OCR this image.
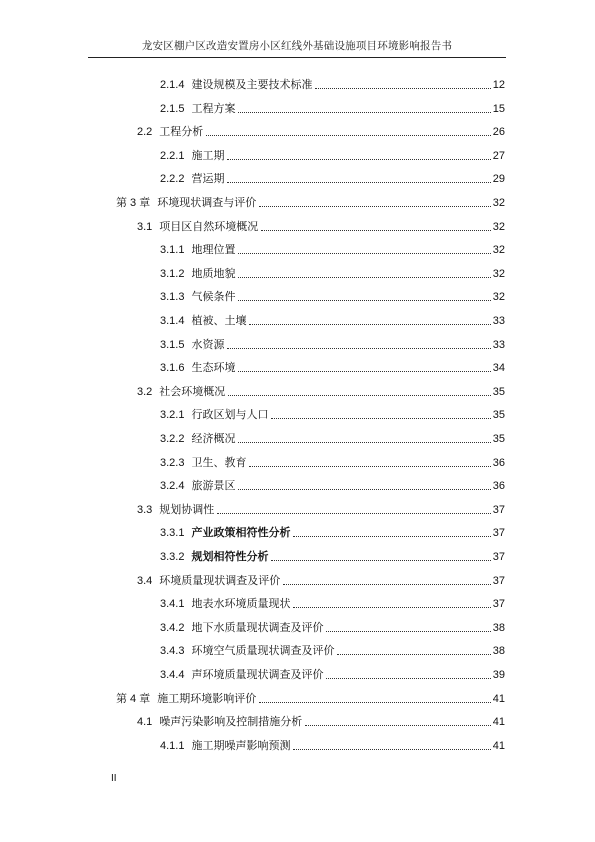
龙安区棚户区改造安置房小区红线外基础设施项目环境影响报告书
2.1.4 建设规模及主要技术标准	12
2.1.5 工程方案	15
2.2 工程分析	26
2.2.1 施工期	27
2.2.2 营运期	29
第 3 章 环境现状调查与评价	32
3.1 项目区自然环境概况	32
3.1.1 地理位置	32
3.1.2 地质地貌	32
3.1.3 气候条件	32
3.1.4 植被、土壤	33
3.1.5 水资源	33
3.1.6 生态环境	34
3.2 社会环境概况	35
3.2.1 行政区划与人口	35
3.2.2 经济概况	35
3.2.3 卫生、教育	36
3.2.4 旅游景区	36
3.3 规划协调性	37
3.3.1 产业政策相符性分析	37
3.3.2 规划相符性分析	37
3.4 环境质量现状调查及评价	37
3.4.1 地表水环境质量现状	37
3.4.2 地下水质量现状调查及评价	38
3.4.3 环境空气质量现状调查及评价	38
3.4.4 声环境质量现状调查及评价	39
第 4 章 施工期环境影响评价	41
4.1 噪声污染影响及控制措施分析	41
4.1.1 施工期噪声影响预测	41
II
